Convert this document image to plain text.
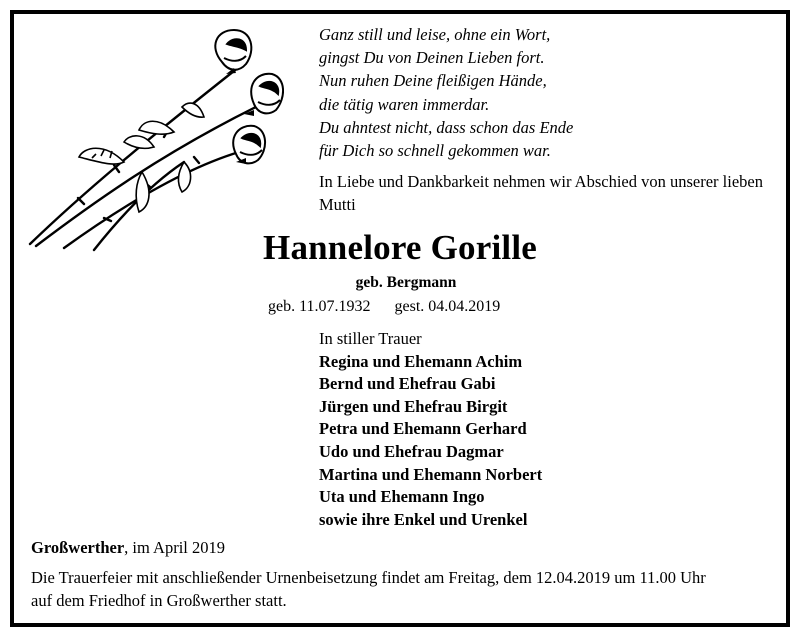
Ganz still und leise, ohne ein Wort,
gingst Du von Deinen Lieben fort.
Nun ruhen Deine fleißigen Hände,
die tätig waren immerdar.
Du ahntest nicht, dass schon das Ende
für Dich so schnell gekommen war.
In Liebe und Dankbarkeit nehmen wir Abschied von unserer lieben Mutti
Hannelore Gorille
geb. Bergmann
geb. 11.07.1932 gest. 04.04.2019
In stiller Trauer
Regina und Ehemann Achim
Bernd und Ehefrau Gabi
Jürgen und Ehefrau Birgit
Petra und Ehemann Gerhard
Udo und Ehefrau Dagmar
Martina und Ehemann Norbert
Uta und Ehemann Ingo
sowie ihre Enkel und Urenkel
Großwerther, im April 2019
Die Trauerfeier mit anschließender Urnenbeisetzung findet am Freitag, dem 12.04.2019 um 11.00 Uhr
auf dem Friedhof in Großwerther statt.
